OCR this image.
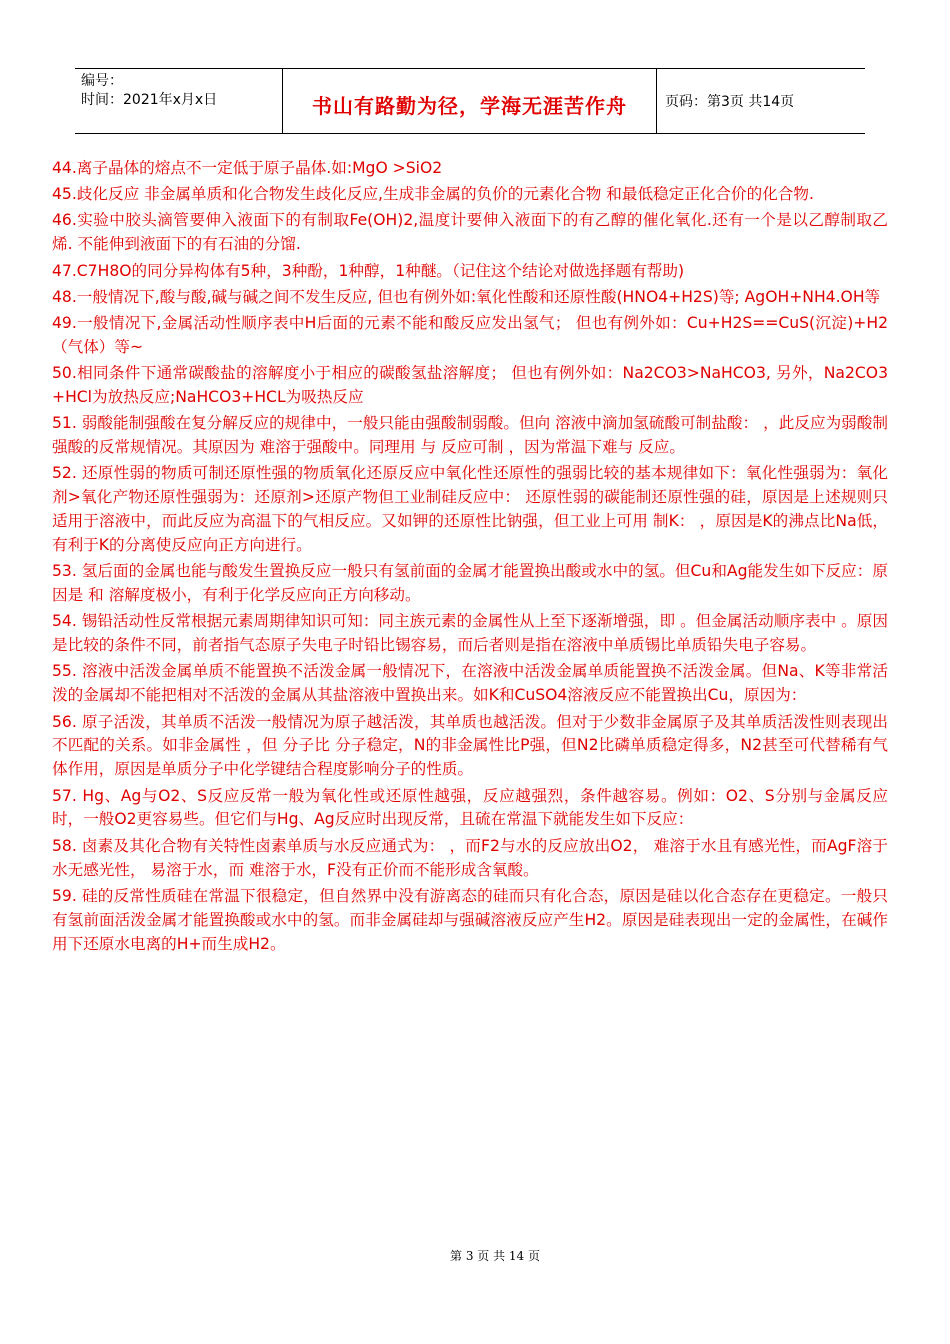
编号：
时间：2021年x月x日	书山有路勤为径，学海无涯苦作舟	页码：第3页 共14页

44.离子晶体的熔点不一定低于原子晶体.如:MgO >SiO2

45.歧化反应 非金属单质和化合物发生歧化反应,生成非金属的负价的元素化合物 和最低稳定正化合价的化合物.

46.实验中胶头滴管要伸入液面下的有制取Fe(OH)2,温度计要伸入液面下的有乙醇的催化氧化.还有一个是以乙醇制取乙烯. 不能伸到液面下的有石油的分馏.

47.C7H8O的同分异构体有5种，3种酚，1种醇，1种醚。（记住这个结论对做选择题有帮助)

48.一般情况下,酸与酸,碱与碱之间不发生反应, 但也有例外如:氧化性酸和还原性酸(HNO4+H2S)等; AgOH+NH4.OH等

49.一般情况下,金属活动性顺序表中H后面的元素不能和酸反应发出氢气； 但也有例外如：Cu+H2S==CuS(沉淀)+H2（气体）等~

50.相同条件下通常碳酸盐的溶解度小于相应的碳酸氢盐溶解度； 但也有例外如：Na2CO3>NaHCO3, 另外，Na2CO3+HCl为放热反应;NaHCO3+HCL为吸热反应

51. 弱酸能制强酸在复分解反应的规律中，一般只能由强酸制弱酸。但向 溶液中滴加氢硫酸可制盐酸： ，此反应为弱酸制强酸的反常规情况。其原因为 难溶于强酸中。同理用 与 反应可制 ，因为常温下难与 反应。

52. 还原性弱的物质可制还原性强的物质氧化还原反应中氧化性还原性的强弱比较的基本规律如下：氧化性强弱为：氧化剂>氧化产物还原性强弱为：还原剂>还原产物但工业制硅反应中： 还原性弱的碳能制还原性强的硅，原因是上述规则只适用于溶液中，而此反应为高温下的气相反应。又如钾的还原性比钠强，但工业上可用 制K： ，原因是K的沸点比Na低，有利于K的分离使反应向正方向进行。

53. 氢后面的金属也能与酸发生置换反应一般只有氢前面的金属才能置换出酸或水中的氢。但Cu和Ag能发生如下反应：原因是 和 溶解度极小，有利于化学反应向正方向移动。

54. 锡铅活动性反常根据元素周期律知识可知：同主族元素的金属性从上至下逐渐增强，即 。但金属活动顺序表中 。原因是比较的条件不同，前者指气态原子失电子时铅比锡容易，而后者则是指在溶液中单质锡比单质铅失电子容易。

55. 溶液中活泼金属单质不能置换不活泼金属一般情况下，在溶液中活泼金属单质能置换不活泼金属。但Na、K等非常活泼的金属却不能把相对不活泼的金属从其盐溶液中置换出来。如K和CuSO4溶液反应不能置换出Cu，原因为：

56. 原子活泼，其单质不活泼一般情况为原子越活泼，其单质也越活泼。但对于少数非金属原子及其单质活泼性则表现出不匹配的关系。如非金属性 ，但 分子比 分子稳定，N的非金属性比P强，但N2比磷单质稳定得多，N2甚至可代替稀有气体作用，原因是单质分子中化学键结合程度影响分子的性质。

57. Hg、Ag与O2、S反应反常一般为氧化性或还原性越强，反应越强烈，条件越容易。例如：O2、S分别与金属反应时，一般O2更容易些。但它们与Hg、Ag反应时出现反常，且硫在常温下就能发生如下反应：

58. 卤素及其化合物有关特性卤素单质与水反应通式为： ，而F2与水的反应放出O2， 难溶于水且有感光性，而AgF溶于水无感光性， 易溶于水，而 难溶于水，F没有正价而不能形成含氧酸。

59. 硅的反常性质硅在常温下很稳定，但自然界中没有游离态的硅而只有化合态，原因是硅以化合态存在更稳定。一般只有氢前面活泼金属才能置换酸或水中的氢。而非金属硅却与强碱溶液反应产生H2。原因是硅表现出一定的金属性，在碱作用下还原水电离的H+而生成H2。

第 3 页 共 14 页
